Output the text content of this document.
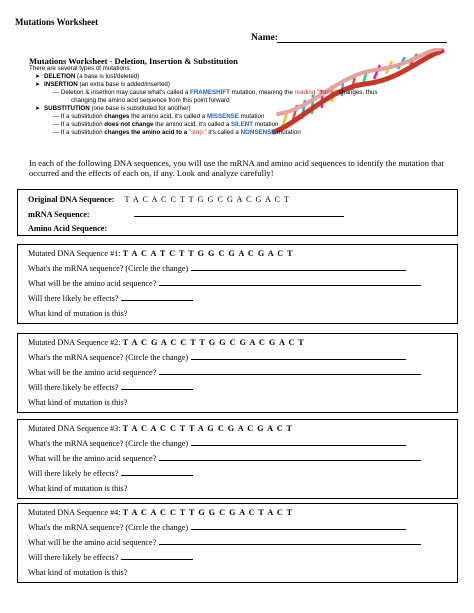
Mutations Worksheet
Name:
Mutations Worksheet - Deletion, Insertion & Substitution
There are several types of mutations:
➤ DELETION (a base is lost/deleted)
➤ INSERTION (an extra base is added/inserted)
--- Deletion & insertion may cause what's called a FRAMESHIFT mutation, meaning the reading "frame" changes, thus
changing the amino acid sequence from this point forward
➤ SUBSTITUTION (one base is substituted for another)
--- If a substitution changes the amino acid, it's called a MISSENSE mutation
--- If a substitution does not change the amino acid, it's called a SILENT mutation
--- If a substitution changes the amino acid to a "stop," it's called a NONSENSE mutation
In each of the following DNA sequences, you will use the mRNA and amino acid sequences to identify the mutation that occurred and the effects of each on, if any. Look and analyze carefully!
Original DNA Sequence: T A C A C C T T G G C G A C G A C T
mRNA Sequence:
Amino Acid Sequence:
Mutated DNA Sequence #1: T A C A T C T T G G C G A C G A C T
What's the mRNA sequence? (Circle the change)
What will be the amino acid sequence?
Will there likely be effects?
What kind of mutation is this?
Mutated DNA Sequence #2: T A C G A C C T T G G C G A C G A C T
What's the mRNA sequence? (Circle the change)
What will be the amino acid sequence?
Will there likely be effects?
What kind of mutation is this?
Mutated DNA Sequence #3: T A C A C C T T A G C G A C G A C T
What's the mRNA sequence? (Circle the change)
What will be the amino acid sequence?
Will there likely be effects?
What kind of mutation is this?
Mutated DNA Sequence #4: T A C A C C T T G G C G A C T A C T
What's the mRNA sequence? (Circle the change)
What will be the amino acid sequence?
Will there likely be effects?
What kind of mutation is this?
